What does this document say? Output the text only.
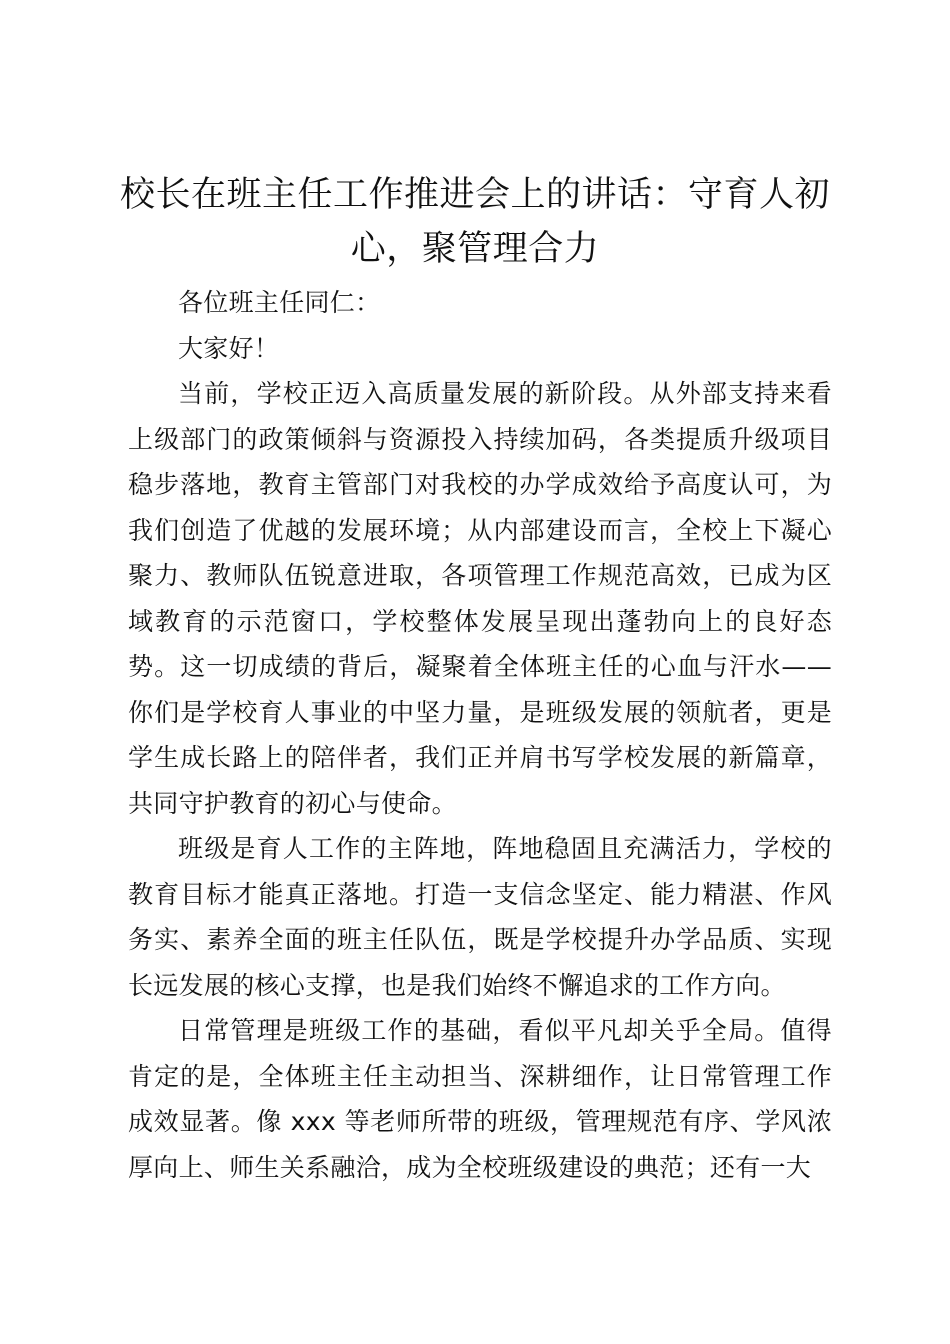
校长在班主任工作推进会上的讲话：守育人初心，聚管理合力

各位班主任同仁：

大家好！

当前，学校正迈入高质量发展的新阶段。从外部支持来看上级部门的政策倾斜与资源投入持续加码，各类提质升级项目稳步落地，教育主管部门对我校的办学成效给予高度认可，为我们创造了优越的发展环境；从内部建设而言，全校上下凝心聚力、教师队伍锐意进取，各项管理工作规范高效，已成为区域教育的示范窗口，学校整体发展呈现出蓬勃向上的良好态势。这一切成绩的背后，凝聚着全体班主任的心血与汗水——你们是学校育人事业的中坚力量，是班级发展的领航者，更是学生成长路上的陪伴者，我们正并肩书写学校发展的新篇章，共同守护教育的初心与使命。

班级是育人工作的主阵地，阵地稳固且充满活力，学校的教育目标才能真正落地。打造一支信念坚定、能力精湛、作风务实、素养全面的班主任队伍，既是学校提升办学品质、实现长远发展的核心支撑，也是我们始终不懈追求的工作方向。

日常管理是班级工作的基础，看似平凡却关乎全局。值得肯定的是，全体班主任主动担当、深耕细作，让日常管理工作成效显著。像 xxx 等老师所带的班级，管理规范有序、学风浓厚向上、师生关系融洽，成为全校班级建设的典范；还有一大
